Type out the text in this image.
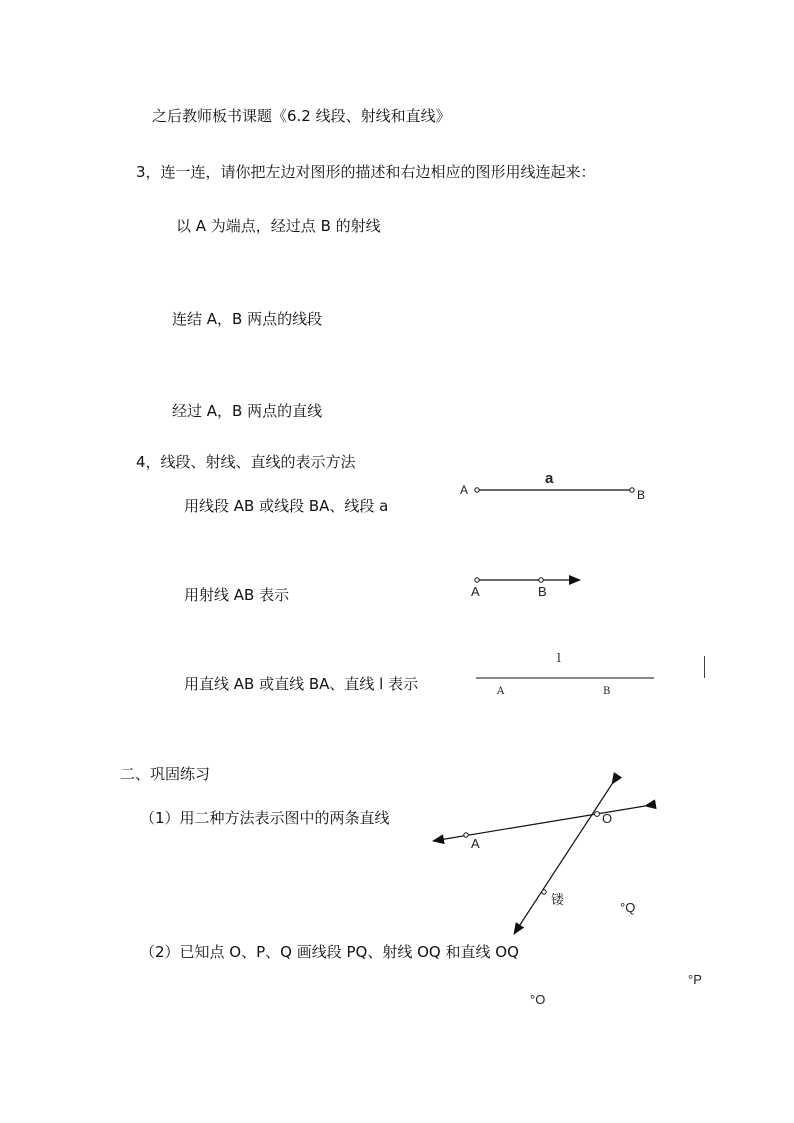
之后教师板书课题《6.2 线段、射线和直线》
3，连一连，请你把左边对图形的描述和右边相应的图形用线连起来：
以 A 为端点，经过点 B 的射线
连结 A，B 两点的线段
经过 A，B 两点的直线
4，线段、射线、直线的表示方法
用线段 AB 或线段 BA、线段 a
用射线 AB 表示
用直线 AB 或直线 BA、直线 l 表示
a
A	B
A	B
l
A	B
二、巩固练习
（1）用二种方法表示图中的两条直线
A
O
镂
（2）已知点 O、P、Q 画线段 PQ、射线 OQ 和直线 OQ
°Q
°P
°O
